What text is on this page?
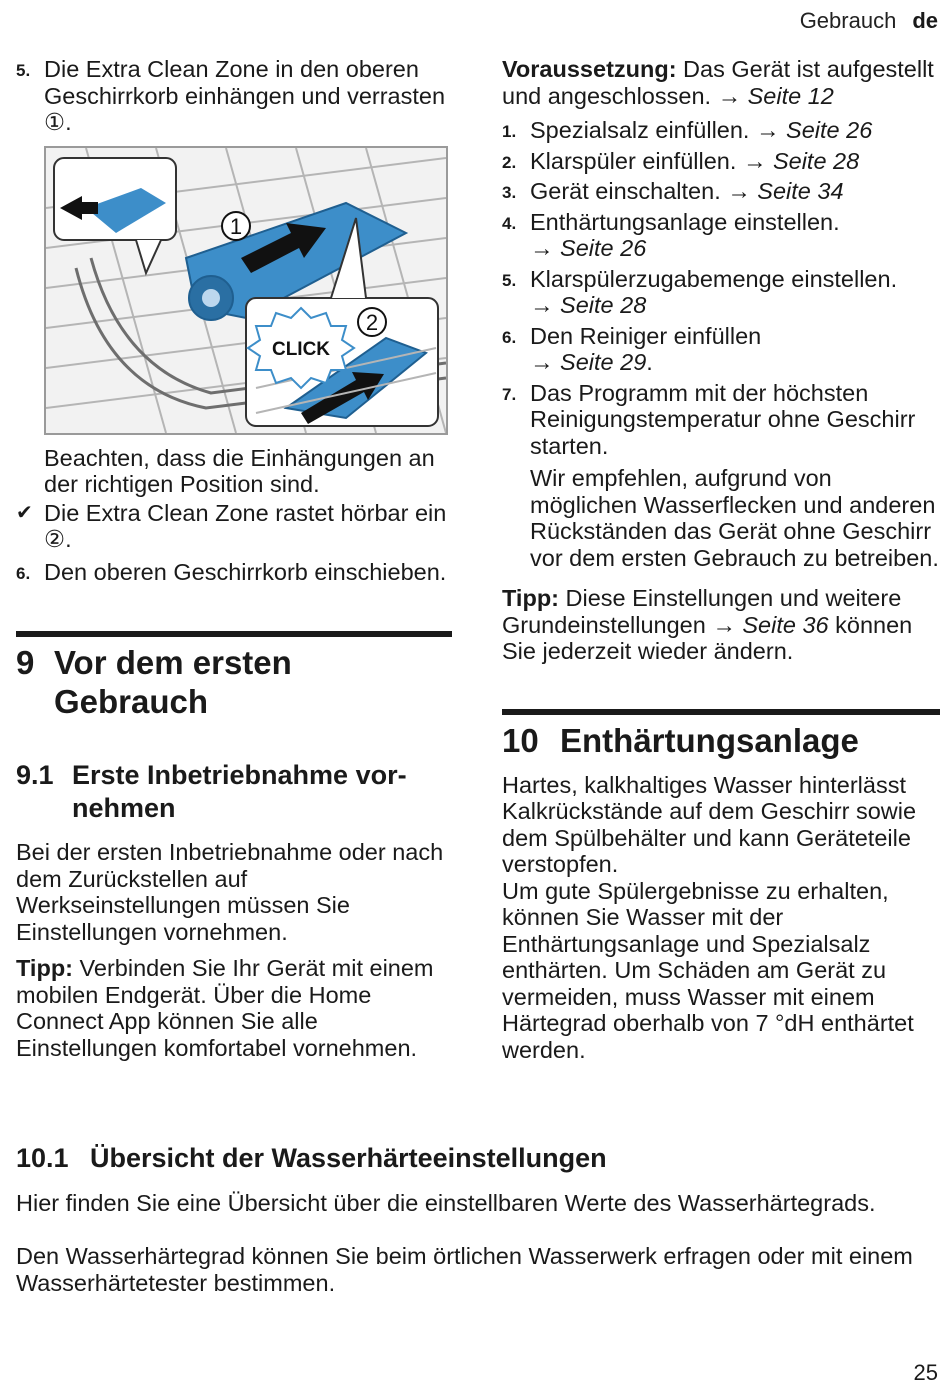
Gebrauch de
5. Die Extra Clean Zone in den oberen Geschirrkorb einhängen und verrasten ①.
1
CLICK
2

Beachten, dass die Einhängungen an der richtigen Position sind.

✔ Die Extra Clean Zone rastet hörbar ein ②.
6. Den oberen Geschirrkorb einschieben.
9 Vor dem ersten
Gebrauch
9.1 Erste Inbetriebnahme vor-
nehmen

Bei der ersten Inbetriebnahme oder nach dem Zurückstellen auf Werkseinstellungen müssen Sie Einstellungen vornehmen.

Tipp: Verbinden Sie Ihr Gerät mit einem mobilen Endgerät. Über die Home Connect App können Sie alle Einstellungen komfortabel vornehmen.

Voraussetzung: Das Gerät ist aufgestellt und angeschlossen. → Seite 12

1. Spezialsalz einfüllen. → Seite 26
2. Klarspüler einfüllen. → Seite 28
3. Gerät einschalten. → Seite 34
4. Enthärtungsanlage einstellen.
→ Seite 26
5. Klarspülerzugabemenge einstellen.
→ Seite 28
6. Den Reiniger einfüllen
→ Seite 29.
7. Das Programm mit der höchsten Reinigungstemperatur ohne Geschirr starten.

Wir empfehlen, aufgrund von möglichen Wasserflecken und anderen Rückständen das Gerät ohne Geschirr vor dem ersten Gebrauch zu betreiben.

Tipp: Diese Einstellungen und weitere Grundeinstellungen → Seite 36 können Sie jederzeit wieder ändern.

10 Enthärtungsanlage

Hartes, kalkhaltiges Wasser hinterlässt Kalkrückstände auf dem Geschirr sowie dem Spülbehälter und kann Geräteteile verstopfen.

Um gute Spülergebnisse zu erhalten, können Sie Wasser mit der Enthärtungsanlage und Spezialsalz enthärten. Um Schäden am Gerät zu vermeiden, muss Wasser mit einem Härtegrad oberhalb von 7 °dH enthärtet werden.

10.1 Übersicht der Wasserhärteeinstellungen

Hier finden Sie eine Übersicht über die einstellbaren Werte des Wasserhärtegrads.

Den Wasserhärtegrad können Sie beim örtlichen Wasserwerk erfragen oder mit einem Wasserhärtetester bestimmen.

25
